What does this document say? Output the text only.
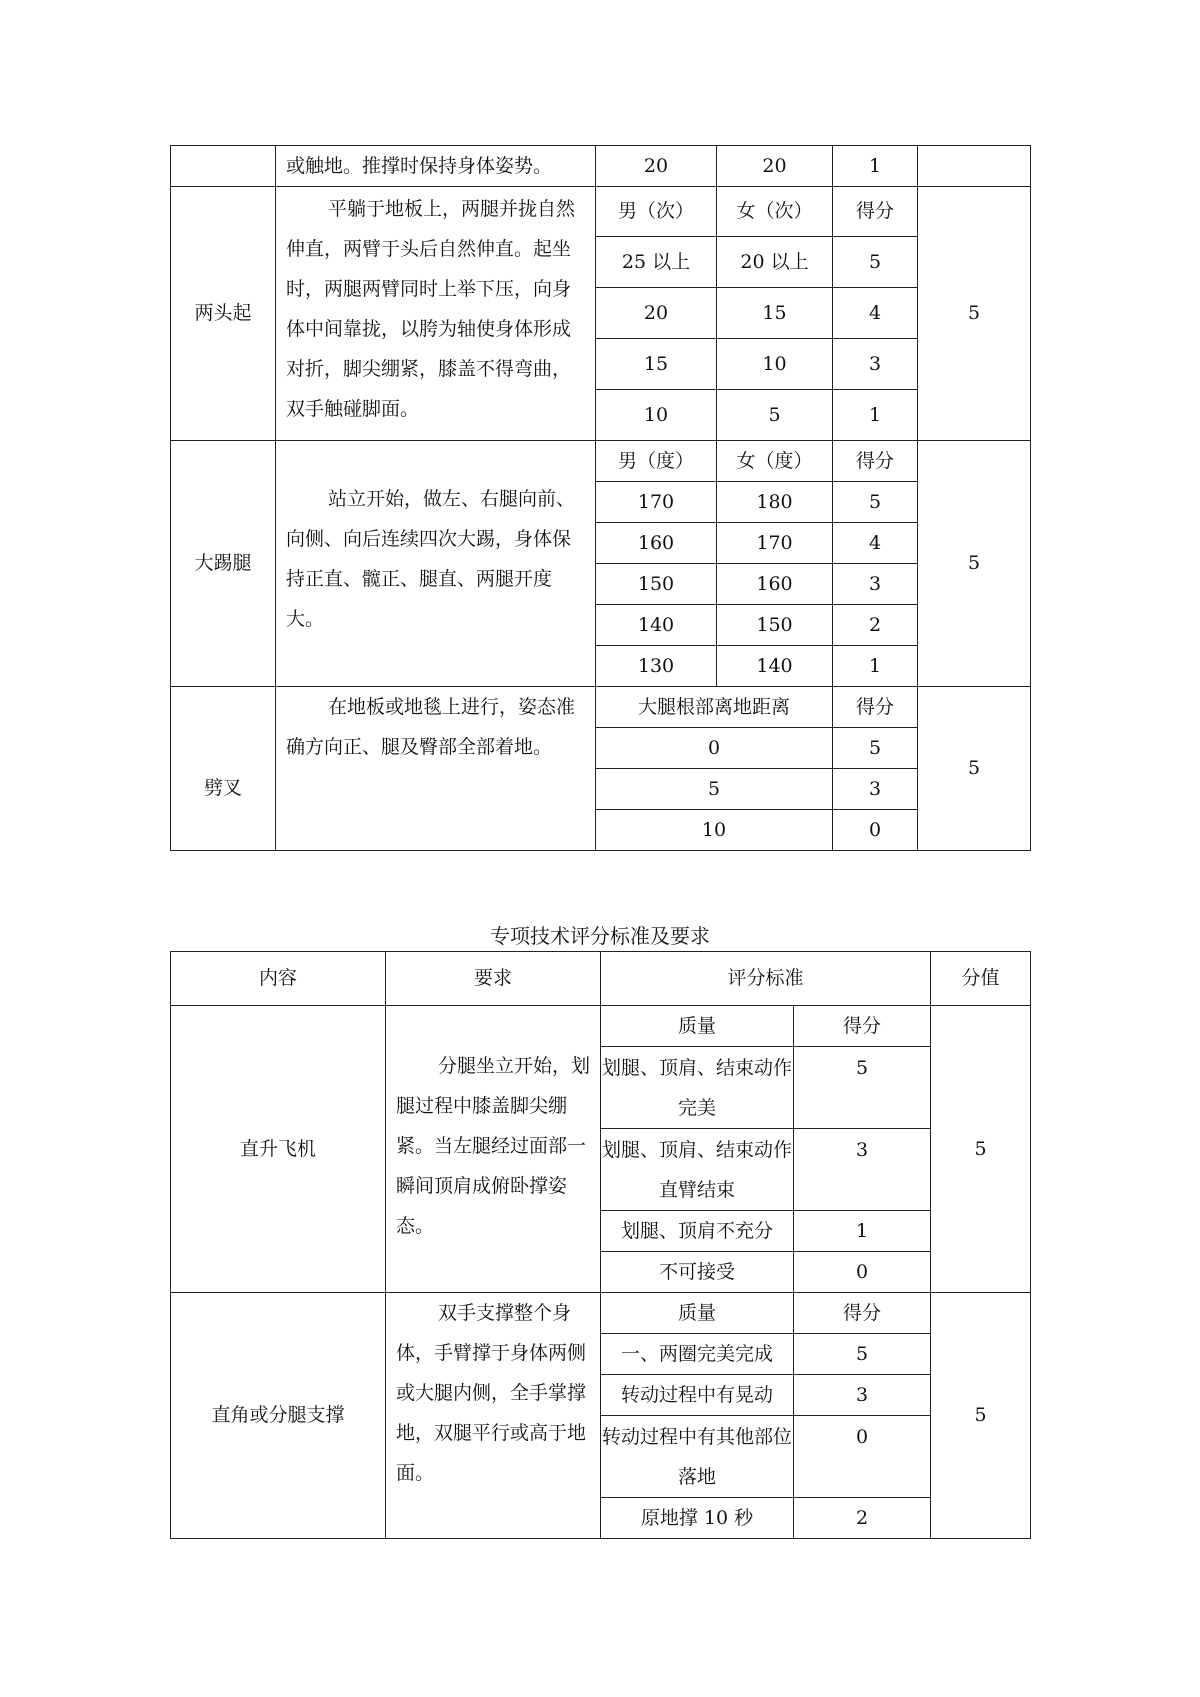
	或触地。推撑时保持身体姿势。	20	20	1	
两头起	平躺于地板上，两腿并拢自然伸直，两臂于头后自然伸直。起坐时，两腿两臂同时上举下压，向身体中间靠拢，以胯为轴使身体形成对折，脚尖绷紧，膝盖不得弯曲，双手触碰脚面。	男（次）	女（次）	得分	5
		25 以上	20 以上	5	
		20	15	4	
		15	10	3	
		10	5	1	
大踢腿	站立开始，做左、右腿向前、向侧、向后连续四次大踢，身体保持正直、髋正、腿直、两腿开度大。	男（度）	女（度）	得分	5
		170	180	5	
		160	170	4	
		150	160	3	
		140	150	2	
		130	140	1	
劈叉	在地板或地毯上进行，姿态准确方向正、腿及臀部全部着地。	大腿根部离地距离		得分	5
		0		5	
		5		3	
		10		0	
专项技术评分标准及要求
内容	要求	评分标准		分值
直升飞机	分腿坐立开始，划腿过程中膝盖脚尖绷紧。当左腿经过面部一瞬间顶肩成俯卧撑姿态。	质量	得分	5
		划腿、顶肩、结束动作完美	5	
		划腿、顶肩、结束动作直臂结束	3	
		划腿、顶肩不充分	1	
		不可接受	0	
直角或分腿支撑	双手支撑整个身体，手臂撑于身体两侧或大腿内侧，全手掌撑地，双腿平行或高于地面。	质量	得分	5
		一、两圈完美完成	5	
		转动过程中有晃动	3	
		转动过程中有其他部位落地	0	
		原地撑 10 秒	2	
